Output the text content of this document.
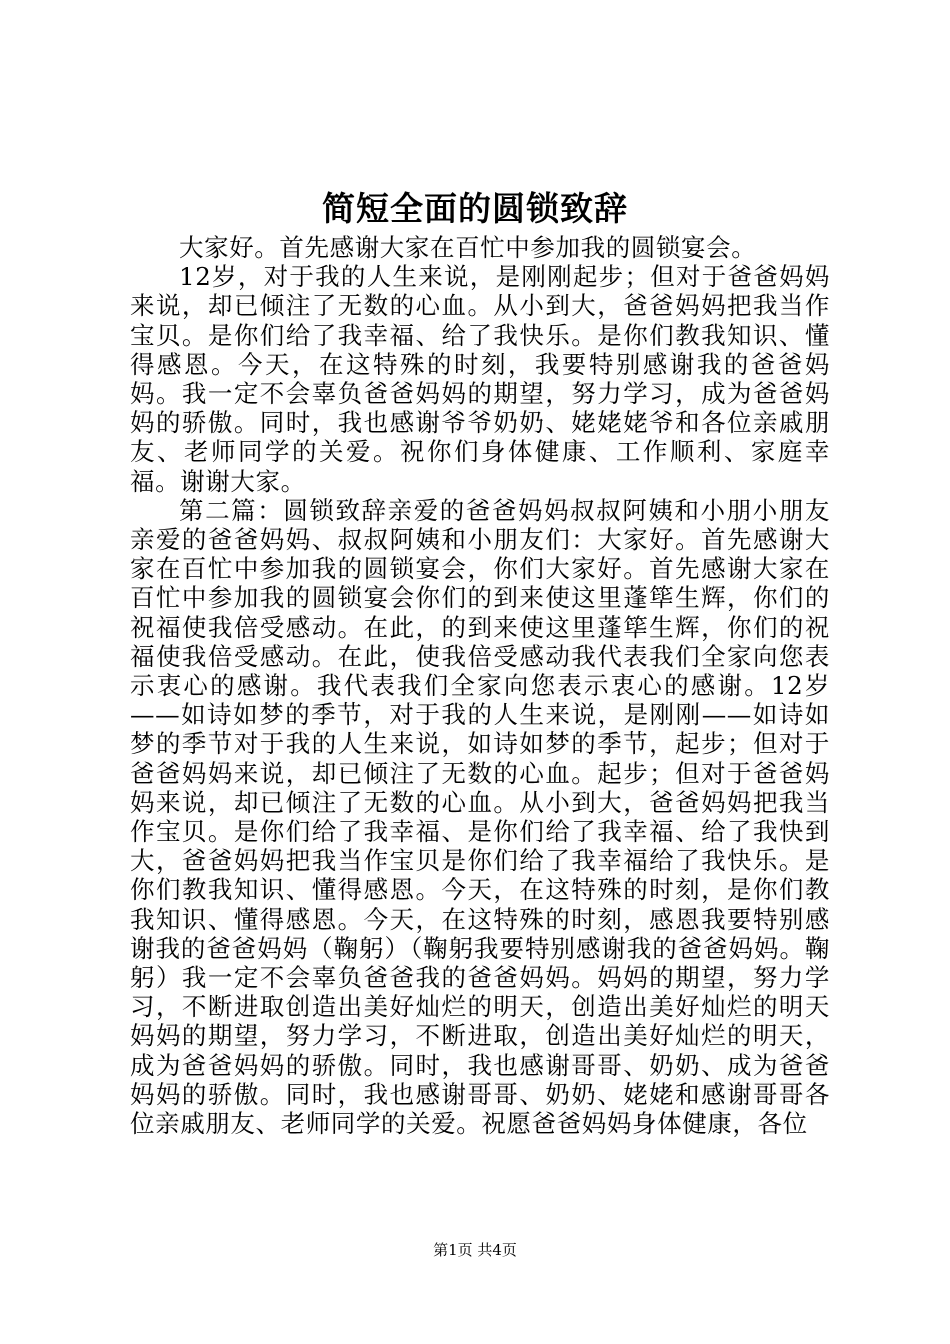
简短全面的圆锁致辞

大家好。首先感谢大家在百忙中参加我的圆锁宴会。

12岁，对于我的人生来说，是刚刚起步；但对于爸爸妈妈来说，却已倾注了无数的心血。从小到大，爸爸妈妈把我当作宝贝。是你们给了我幸福、给了我快乐。是你们教我知识、懂得感恩。今天，在这特殊的时刻，我要特别感谢我的爸爸妈妈。我一定不会辜负爸爸妈妈的期望，努力学习，成为爸爸妈妈的骄傲。同时，我也感谢爷爷奶奶、姥姥姥爷和各位亲戚朋友、老师同学的关爱。祝你们身体健康、工作顺利、家庭幸福。谢谢大家。

第二篇：圆锁致辞亲爱的爸爸妈妈叔叔阿姨和小朋小朋友亲爱的爸爸妈妈、叔叔阿姨和小朋友们：大家好。首先感谢大家在百忙中参加我的圆锁宴会，你们大家好。首先感谢大家在百忙中参加我的圆锁宴会你们的到来使这里蓬筚生辉，你们的祝福使我倍受感动。在此，的到来使这里蓬筚生辉，你们的祝福使我倍受感动。在此，使我倍受感动我代表我们全家向您表示衷心的感谢。我代表我们全家向您表示衷心的感谢。12岁——如诗如梦的季节，对于我的人生来说，是刚刚——如诗如梦的季节对于我的人生来说，如诗如梦的季节，起步；但对于爸爸妈妈来说，却已倾注了无数的心血。起步；但对于爸爸妈妈来说，却已倾注了无数的心血。从小到大，爸爸妈妈把我当作宝贝。是你们给了我幸福、是你们给了我幸福、给了我快到大，爸爸妈妈把我当作宝贝是你们给了我幸福给了我快乐。是你们教我知识、懂得感恩。今天，在这特殊的时刻，是你们教我知识、懂得感恩。今天，在这特殊的时刻，感恩我要特别感谢我的爸爸妈妈（鞠躬）（鞠躬我要特别感谢我的爸爸妈妈。鞠躬）我一定不会辜负爸爸我的爸爸妈妈。妈妈的期望，努力学习，不断进取创造出美好灿烂的明天，创造出美好灿烂的明天妈妈的期望，努力学习，不断进取，创造出美好灿烂的明天，成为爸爸妈妈的骄傲。同时，我也感谢哥哥、奶奶、成为爸爸妈妈的骄傲。同时，我也感谢哥哥、奶奶、姥姥和感谢哥哥各位亲戚朋友、老师同学的关爱。祝愿爸爸妈妈身体健康，各位

第1页 共4页
